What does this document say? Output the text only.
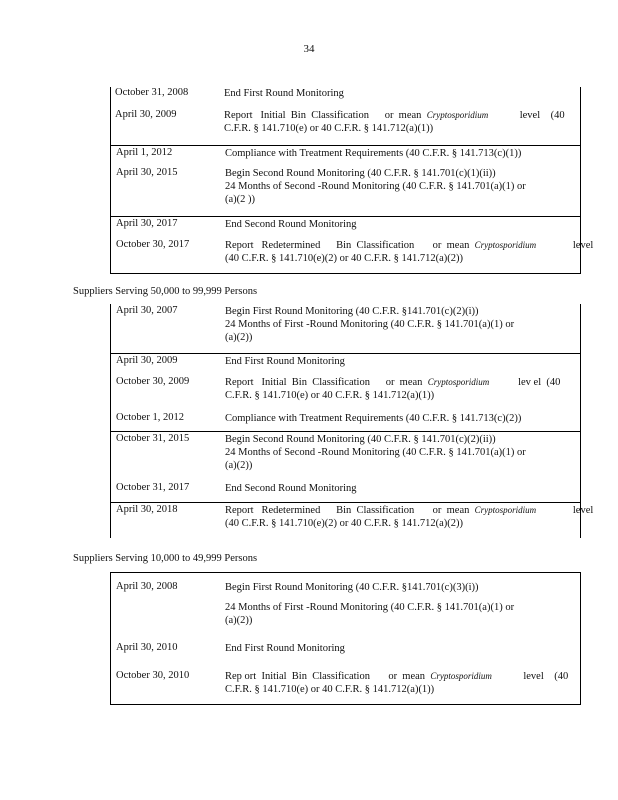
34
October 31, 2008	End First Round Monitoring
April 30, 2009	Report   Initial  Bin  Classification      or  mean  Cryptosporidium            level    (40
C.F.R. § 141.710(e) or 40 C.F.R. § 141.712(a)(1))
April 1, 2012	Compliance with Treatment Requirements (40 C.F.R. § 141.713(c)(1))
April 30, 2015	Begin Second Round Monitoring (40 C.F.R. § 141.701(c)(1)(ii))
24 Months of Second -Round Monitoring (40 C.F.R. § 141.701(a)(1) or
(a)(2 ))
April 30, 2017	End Second Round Monitoring
October 30, 2017	Report   Redetermined      Bin  Classification       or  mean  Cryptosporidium              level
(40 C.F.R. § 141.710(e)(2) or 40 C.F.R. § 141.712(a)(2))
Suppliers Serving 50,000 to 99,999 Persons
April 30, 2007	Begin First Round Monitoring (40 C.F.R. §141.701(c)(2)(i))
24 Months of First -Round Monitoring (40 C.F.R. § 141.701(a)(1) or
(a)(2))
April 30, 2009	End First Round Monitoring
October 30, 2009	Report   Initial  Bin  Classification      or  mean  Cryptosporidium           lev el  (40
C.F.R. § 141.710(e) or 40 C.F.R. § 141.712(a)(1))
October 1, 2012	Compliance with Treatment Requirements (40 C.F.R. § 141.713(c)(2))
October 31, 2015	Begin Second Round Monitoring (40 C.F.R. § 141.701(c)(2)(ii))
24 Months of Second -Round Monitoring (40 C.F.R. § 141.701(a)(1) or
(a)(2))
October 31, 2017	End Second Round Monitoring
April 30, 2018	Report   Redetermined      Bin  Classification       or  mean  Cryptosporidium              level
(40 C.F.R. § 141.710(e)(2) or 40 C.F.R. § 141.712(a)(2))
Suppliers Serving 10,000 to 49,999 Persons
April 30, 2008	Begin First Round Monitoring (40 C.F.R. §141.701(c)(3)(i))
24 Months of First -Round Monitoring (40 C.F.R. § 141.701(a)(1) or
(a)(2))
April 30, 2010	End First Round Monitoring
October 30, 2010	Rep ort  Initial  Bin  Classification       or  mean  Cryptosporidium            level    (40
C.F.R. § 141.710(e) or 40 C.F.R. § 141.712(a)(1))
